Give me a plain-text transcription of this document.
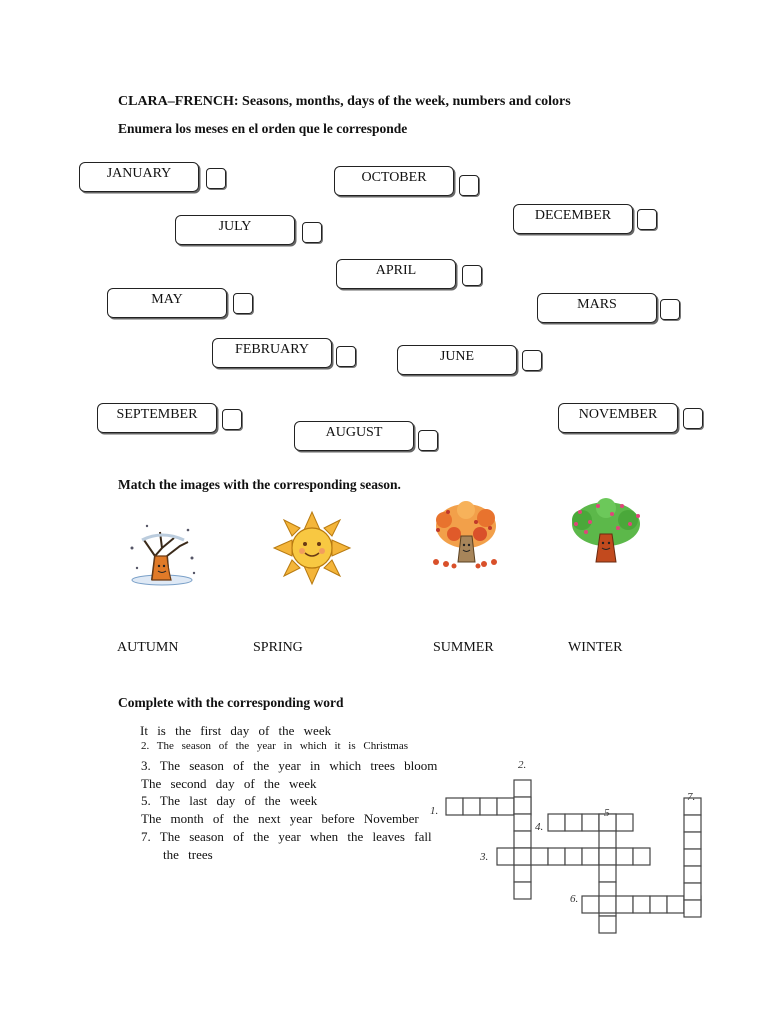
CLARA–FRENCH: Seasons, months, days of the week, numbers and colors
Enumera los meses en el orden que le corresponde
JANUARY	OCTOBER
DECEMBER
JULY
APRIL
MAY	MARS
FEBRUARY	JUNE
SEPTEMBER	NOVEMBER
AUGUST
Match the images with the corresponding season.
AUTUMN	SPRING	SUMMER	WINTER
Complete with the corresponding word
It is the first day of the week
2. The season of the year in which it is Christmas
3. The season of the year in which trees bloom
The second day of the week
5. The last day of the week
The month of the next year before November
7. The season of the year when the leaves fall
the trees
2.
7.
1.	5
4.
3.
6.
